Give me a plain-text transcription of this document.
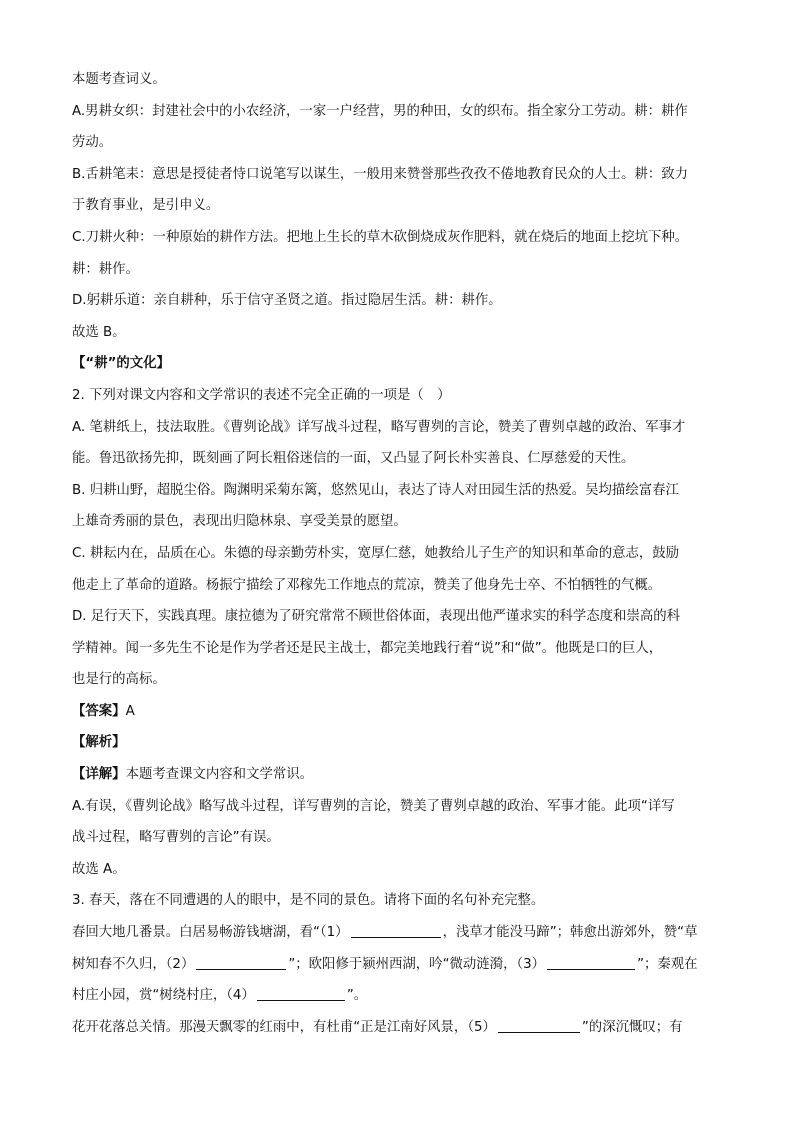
本题考查词义。

A.男耕女织：封建社会中的小农经济，一家一户经营，男的种田，女的织布。指全家分工劳动。耕：耕作

劳动。

B.舌耕笔耒：意思是授徒者恃口说笔写以谋生，一般用来赞誉那些孜孜不倦地教育民众的人士。耕：致力

于教育事业，是引申义。

C.刀耕火种：一种原始的耕作方法。把地上生长的草木砍倒烧成灰作肥料，就在烧后的地面上挖坑下种。

耕：耕作。

D.躬耕乐道：亲自耕种，乐于信守圣贤之道。指过隐居生活。耕：耕作。

故选 B。

【“耕”的文化】

2. 下列对课文内容和文学常识的表述不完全正确的一项是（　）

A. 笔耕纸上，技法取胜。《曹刿论战》详写战斗过程，略写曹刿的言论，赞美了曹刿卓越的政治、军事才

能。鲁迅欲扬先抑，既刻画了阿长粗俗迷信的一面，又凸显了阿长朴实善良、仁厚慈爱的天性。

B. 归耕山野，超脱尘俗。陶渊明采菊东篱，悠然见山，表达了诗人对田园生活的热爱。吴均描绘富春江

上雄奇秀丽的景色，表现出归隐林泉、享受美景的愿望。

C. 耕耘内在，品质在心。朱德的母亲勤劳朴实，宽厚仁慈，她教给儿子生产的知识和革命的意志，鼓励

他走上了革命的道路。杨振宁描绘了邓稼先工作地点的荒凉，赞美了他身先士卒、不怕牺牲的气概。

D. 足行天下，实践真理。康拉德为了研究常常不顾世俗体面，表现出他严谨求实的科学态度和崇高的科

学精神。闻一多先生不论是作为学者还是民主战士，都完美地践行着“说”和“做”。他既是口的巨人，

也是行的高标。

【答案】A

【解析】

【详解】本题考查课文内容和文学常识。

A.有误，《曹刿论战》略写战斗过程，详写曹刿的言论，赞美了曹刿卓越的政治、军事才能。此项“详写

战斗过程，略写曹刿的言论”有误。

故选 A。

3. 春天，落在不同遭遇的人的眼中，是不同的景色。请将下面的名句补充完整。

春回大地几番景。白居易畅游钱塘湖，看“（1）	，浅草才能没马蹄”；韩愈出游郊外，赞“草

树知春不久归，（2）	”；欧阳修于颍州西湖，吟“微动涟漪，（3）	”；秦观在

村庄小园，赏“树绕村庄，（4）	”。

花开花落总关情。那漫天飘零的红雨中，有杜甫“正是江南好风景，（5）	”的深沉慨叹；有
